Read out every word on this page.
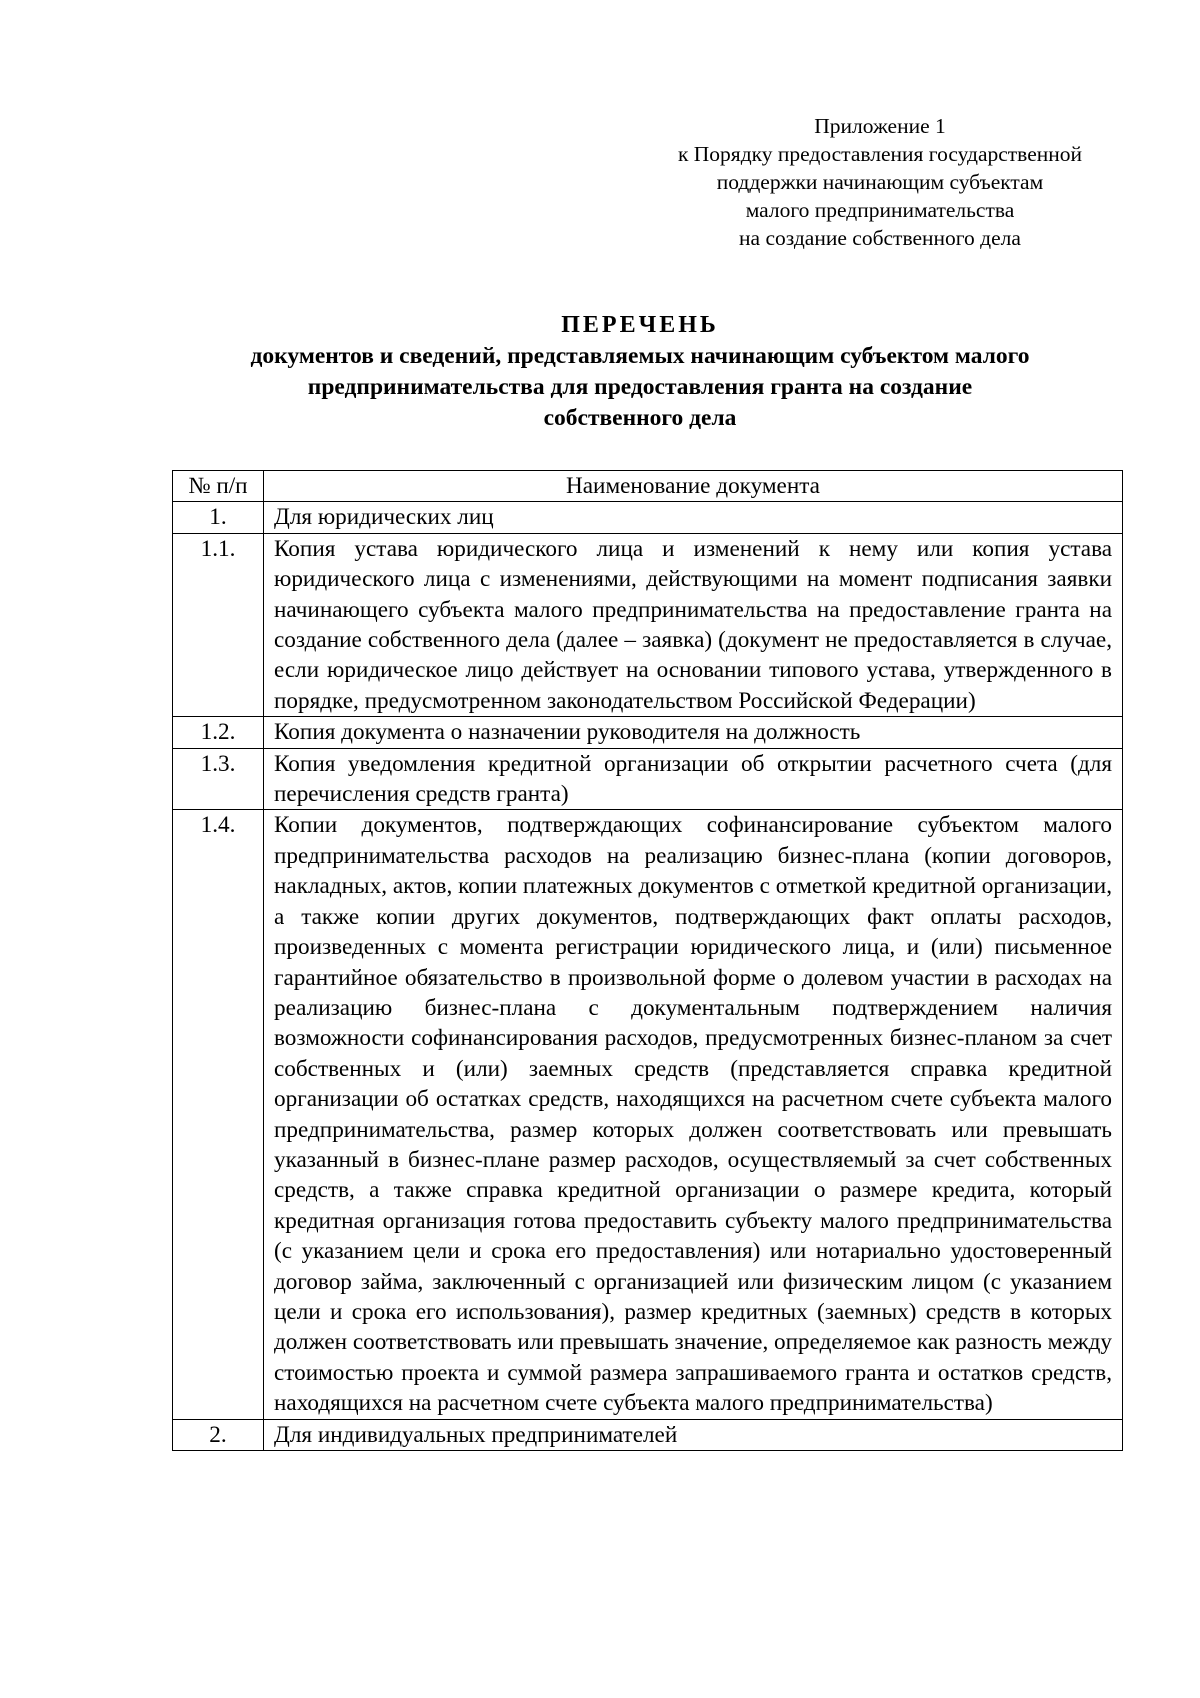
Приложение 1
к Порядку предоставления государственной
поддержки начинающим субъектам
малого предпринимательства
на создание собственного дела
ПЕРЕЧЕНЬ
документов и сведений, представляемых начинающим субъектом малого
предпринимательства для предоставления гранта на создание
собственного дела
№ п/п	Наименование документа
1.	Для юридических лиц
1.1.	Копия устава юридического лица и изменений к нему или копия устава юридического лица с изменениями, действующими на момент подписания заявки начинающего субъекта малого предпринимательства на предоставление гранта на создание собственного дела (далее – заявка) (документ не предоставляется в случае, если юридическое лицо действует на основании типового устава, утвержденного в порядке, предусмотренном законодательством Российской Федерации)
1.2.	Копия документа о назначении руководителя на должность
1.3.	Копия уведомления кредитной организации об открытии расчетного счета (для перечисления средств гранта)
1.4.	Копии документов, подтверждающих софинансирование субъектом малого предпринимательства расходов на реализацию бизнес-плана (копии договоров, накладных, актов, копии платежных документов с отметкой кредитной организации, а также копии других документов, подтверждающих факт оплаты расходов, произведенных с момента регистрации юридического лица, и (или) письменное гарантийное обязательство в произвольной форме о долевом участии в расходах на реализацию бизнес-плана с документальным подтверждением наличия возможности софинансирования расходов, предусмотренных бизнес-планом за счет собственных и (или) заемных средств (представляется справка кредитной организации об остатках средств, находящихся на расчетном счете субъекта малого предпринимательства, размер которых должен соответствовать или превышать указанный в бизнес-плане размер расходов, осуществляемый за счет собственных средств, а также справка кредитной организации о размере кредита, который кредитная организация готова предоставить субъекту малого предпринимательства (с указанием цели и срока его предоставления) или нотариально удостоверенный договор займа, заключенный с организацией или физическим лицом (с указанием цели и срока его использования), размер кредитных (заемных) средств в которых должен соответствовать или превышать значение, определяемое как разность между стоимостью проекта и суммой размера запрашиваемого гранта и остатков средств, находящихся на расчетном счете субъекта малого предпринимательства)
2.	Для индивидуальных предпринимателей
